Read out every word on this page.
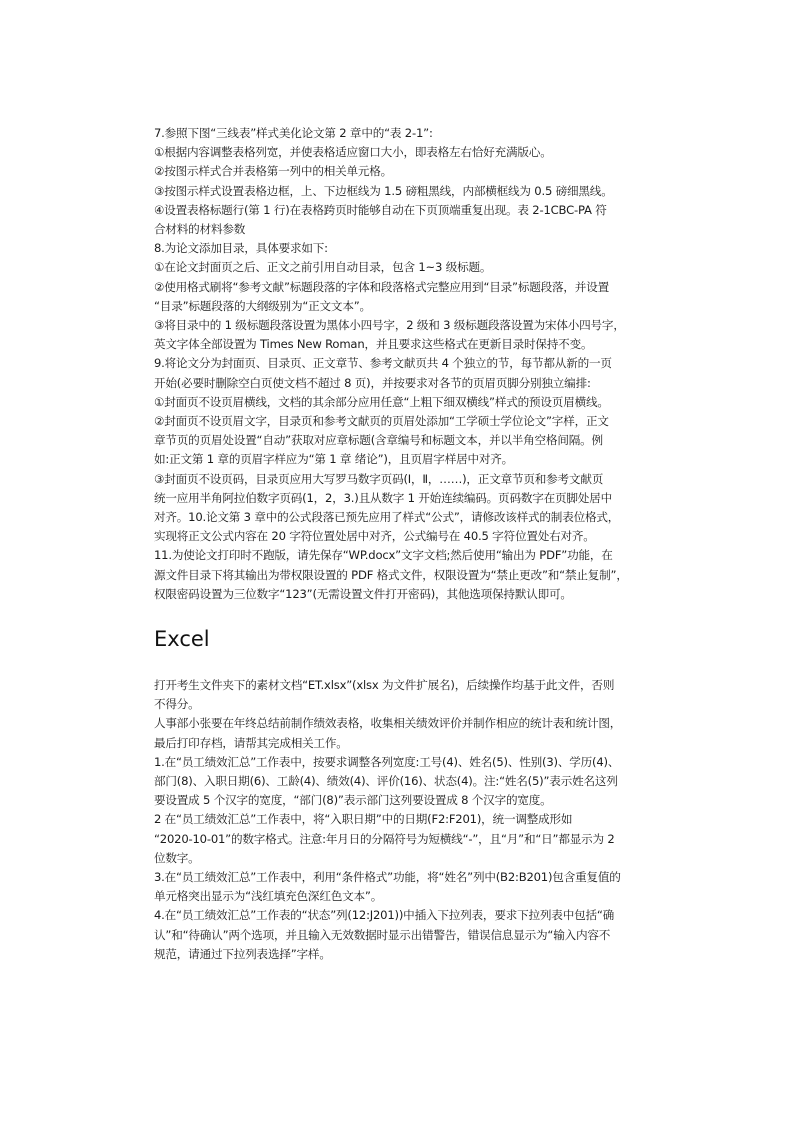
7.参照下图“三线表”样式美化论文第 2 章中的“表 2-1”:

①根据内容调整表格列宽，并使表格适应窗口大小，即表格左右恰好充满版心。

②按图示样式合并表格第一列中的相关单元格。

③按图示样式设置表格边框，上、下边框线为 1.5 磅粗黑线，内部横框线为 0.5 磅细黑线。

④设置表格标题行(第 1 行)在表格跨页时能够自动在下页顶端重复出现。表 2-1CBC-PA 符

合材料的材料参数

8.为论文添加目录，具体要求如下:

①在论文封面页之后、正文之前引用自动目录，包含 1~3 级标题。

②使用格式刷将“参考文献”标题段落的字体和段落格式完整应用到“目录”标题段落，并设置

“目录”标题段落的大纲级别为“正文文本”。

③将目录中的 1 级标题段落设置为黑体小四号字，2 级和 3 级标题段落设置为宋体小四号字，

英文字体全部设置为 Times New Roman，并且要求这些格式在更新目录时保持不变。

9.将论文分为封面页、目录页、正文章节、参考文献页共 4 个独立的节，每节都从新的一页

开始(必要时删除空白页使文档不超过 8 页)，并按要求对各节的页眉页脚分别独立编排:

①封面页不设页眉横线，文档的其余部分应用任意“上粗下细双横线”样式的预设页眉横线。

②封面页不设页眉文字，目录页和参考文献页的页眉处添加“工学硕士学位论文”字样，正文

章节页的页眉处设置“自动”获取对应章标题(含章编号和标题文本，并以半角空格间隔。例

如:正文第 1 章的页眉字样应为“第 1 章 绪论”)，且页眉字样居中对齐。

③封面页不设页码，目录页应用大写罗马数字页码(Ⅰ，Ⅱ，……)，正文章节页和参考文献页

统一应用半角阿拉伯数字页码(1，2，3.)且从数字 1 开始连续编码。页码数字在页脚处居中

对齐。10.论文第 3 章中的公式段落已预先应用了样式“公式”，请修改该样式的制表位格式，

实现将正文公式内容在 20 字符位置处居中对齐，公式编号在 40.5 字符位置处右对齐。

11.为使论文打印时不跑版，请先保存“WP.docx”文字文档;然后使用“输出为 PDF”功能，在

源文件目录下将其输出为带权限设置的 PDF 格式文件，权限设置为“禁止更改”和“禁止复制”，

权限密码设置为三位数字“123”(无需设置文件打开密码)，其他选项保持默认即可。

Excel

打开考生文件夹下的素材文档“ET.xlsx”(xlsx 为文件扩展名)，后续操作均基于此文件，否则

不得分。

人事部小张要在年终总结前制作绩效表格，收集相关绩效评价并制作相应的统计表和统计图，

最后打印存档，请帮其完成相关工作。

1.在“员工绩效汇总”工作表中，按要求调整各列宽度:工号(4)、姓名(5)、性别(3)、学历(4)、

部门(8)、入职日期(6)、工龄(4)、绩效(4)、评价(16)、状态(4)。注:“姓名(5)”表示姓名这列

要设置成 5 个汉字的宽度，“部门(8)”表示部门这列要设置成 8 个汉字的宽度。

2 在“员工绩效汇总”工作表中，将“入职日期”中的日期(F2:F201)，统一调整成形如

“2020-10-01”的数字格式。注意:年月日的分隔符号为短横线“-”，且“月”和“日”都显示为 2

位数字。

3.在“员工绩效汇总”工作表中，利用“条件格式”功能，将“姓名”列中(B2:B201)包含重复值的

单元格突出显示为“浅红填充色深红色文本”。

4.在“员工绩效汇总”工作表的“状态”列(12:J201))中插入下拉列表，要求下拉列表中包括“确

认”和“待确认”两个选项，并且输入无效数据时显示出错警告，错误信息显示为“输入内容不

规范，请通过下拉列表选择”字样。
